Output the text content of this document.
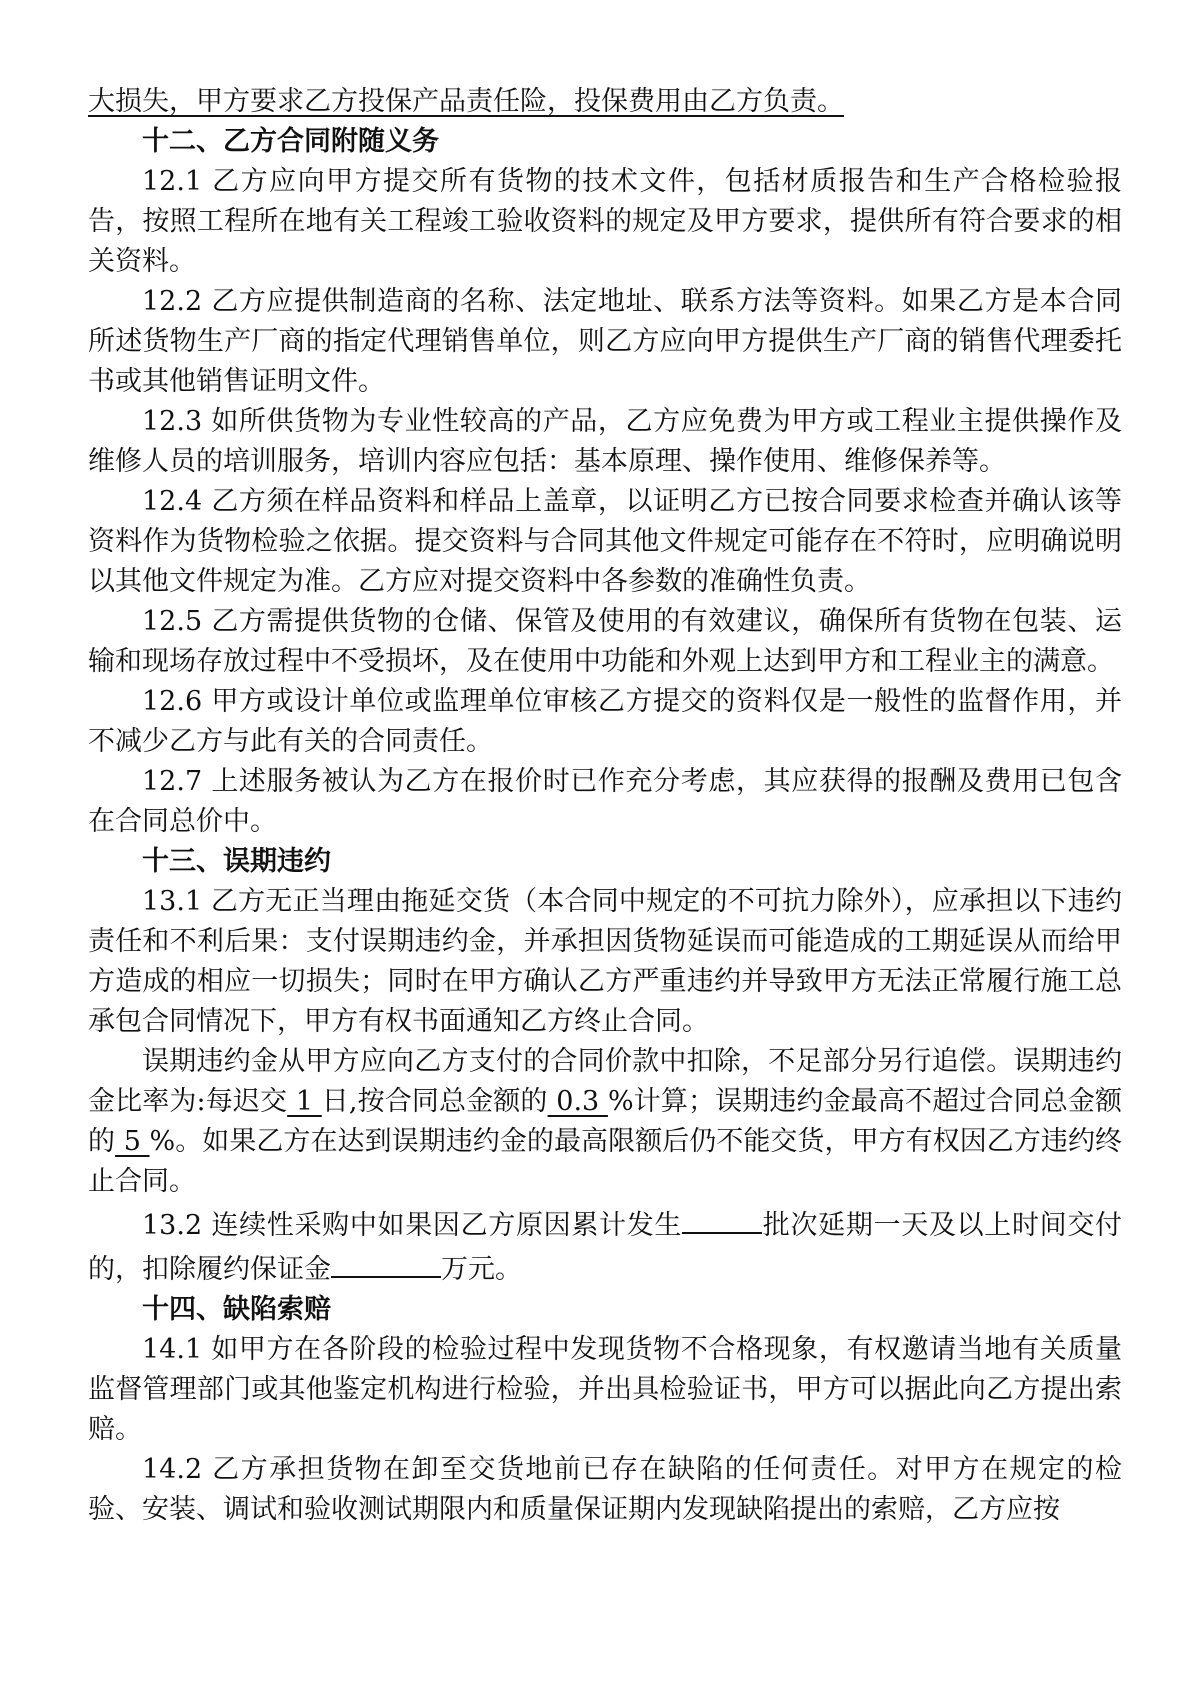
大损失，甲方要求乙方投保产品责任险，投保费用由乙方负责。

十二、乙方合同附随义务

12.1 乙方应向甲方提交所有货物的技术文件，包括材质报告和生产合格检验报告，按照工程所在地有关工程竣工验收资料的规定及甲方要求，提供所有符合要求的相关资料。

12.2 乙方应提供制造商的名称、法定地址、联系方法等资料。如果乙方是本合同所述货物生产厂商的指定代理销售单位，则乙方应向甲方提供生产厂商的销售代理委托书或其他销售证明文件。

12.3 如所供货物为专业性较高的产品，乙方应免费为甲方或工程业主提供操作及维修人员的培训服务，培训内容应包括：基本原理、操作使用、维修保养等。

12.4 乙方须在样品资料和样品上盖章，以证明乙方已按合同要求检查并确认该等资料作为货物检验之依据。提交资料与合同其他文件规定可能存在不符时，应明确说明以其他文件规定为准。乙方应对提交资料中各参数的准确性负责。

12.5 乙方需提供货物的仓储、保管及使用的有效建议，确保所有货物在包装、运输和现场存放过程中不受损坏，及在使用中功能和外观上达到甲方和工程业主的满意。

12.6 甲方或设计单位或监理单位审核乙方提交的资料仅是一般性的监督作用，并不减少乙方与此有关的合同责任。

12.7 上述服务被认为乙方在报价时已作充分考虑，其应获得的报酬及费用已包含在合同总价中。

十三、误期违约

13.1 乙方无正当理由拖延交货（本合同中规定的不可抗力除外），应承担以下违约责任和不利后果：支付误期违约金，并承担因货物延误而可能造成的工期延误从而给甲方造成的相应一切损失；同时在甲方确认乙方严重违约并导致甲方无法正常履行施工总承包合同情况下，甲方有权书面通知乙方终止合同。

误期违约金从甲方应向乙方支付的合同价款中扣除，不足部分另行追偿。误期违约金比率为:每迟交 1 日,按合同总金额的 0.3 %计算；误期违约金最高不超过合同总金额的 5 %。如果乙方在达到误期违约金的最高限额后仍不能交货，甲方有权因乙方违约终止合同。

13.2 连续性采购中如果因乙方原因累计发生	批次延期一天及以上时间交付的，扣除履约保证金	万元。

十四、缺陷索赔

14.1 如甲方在各阶段的检验过程中发现货物不合格现象，有权邀请当地有关质量监督管理部门或其他鉴定机构进行检验，并出具检验证书，甲方可以据此向乙方提出索赔。

14.2 乙方承担货物在卸至交货地前已存在缺陷的任何责任。对甲方在规定的检验、安装、调试和验收测试期限内和质量保证期内发现缺陷提出的索赔，乙方应按
